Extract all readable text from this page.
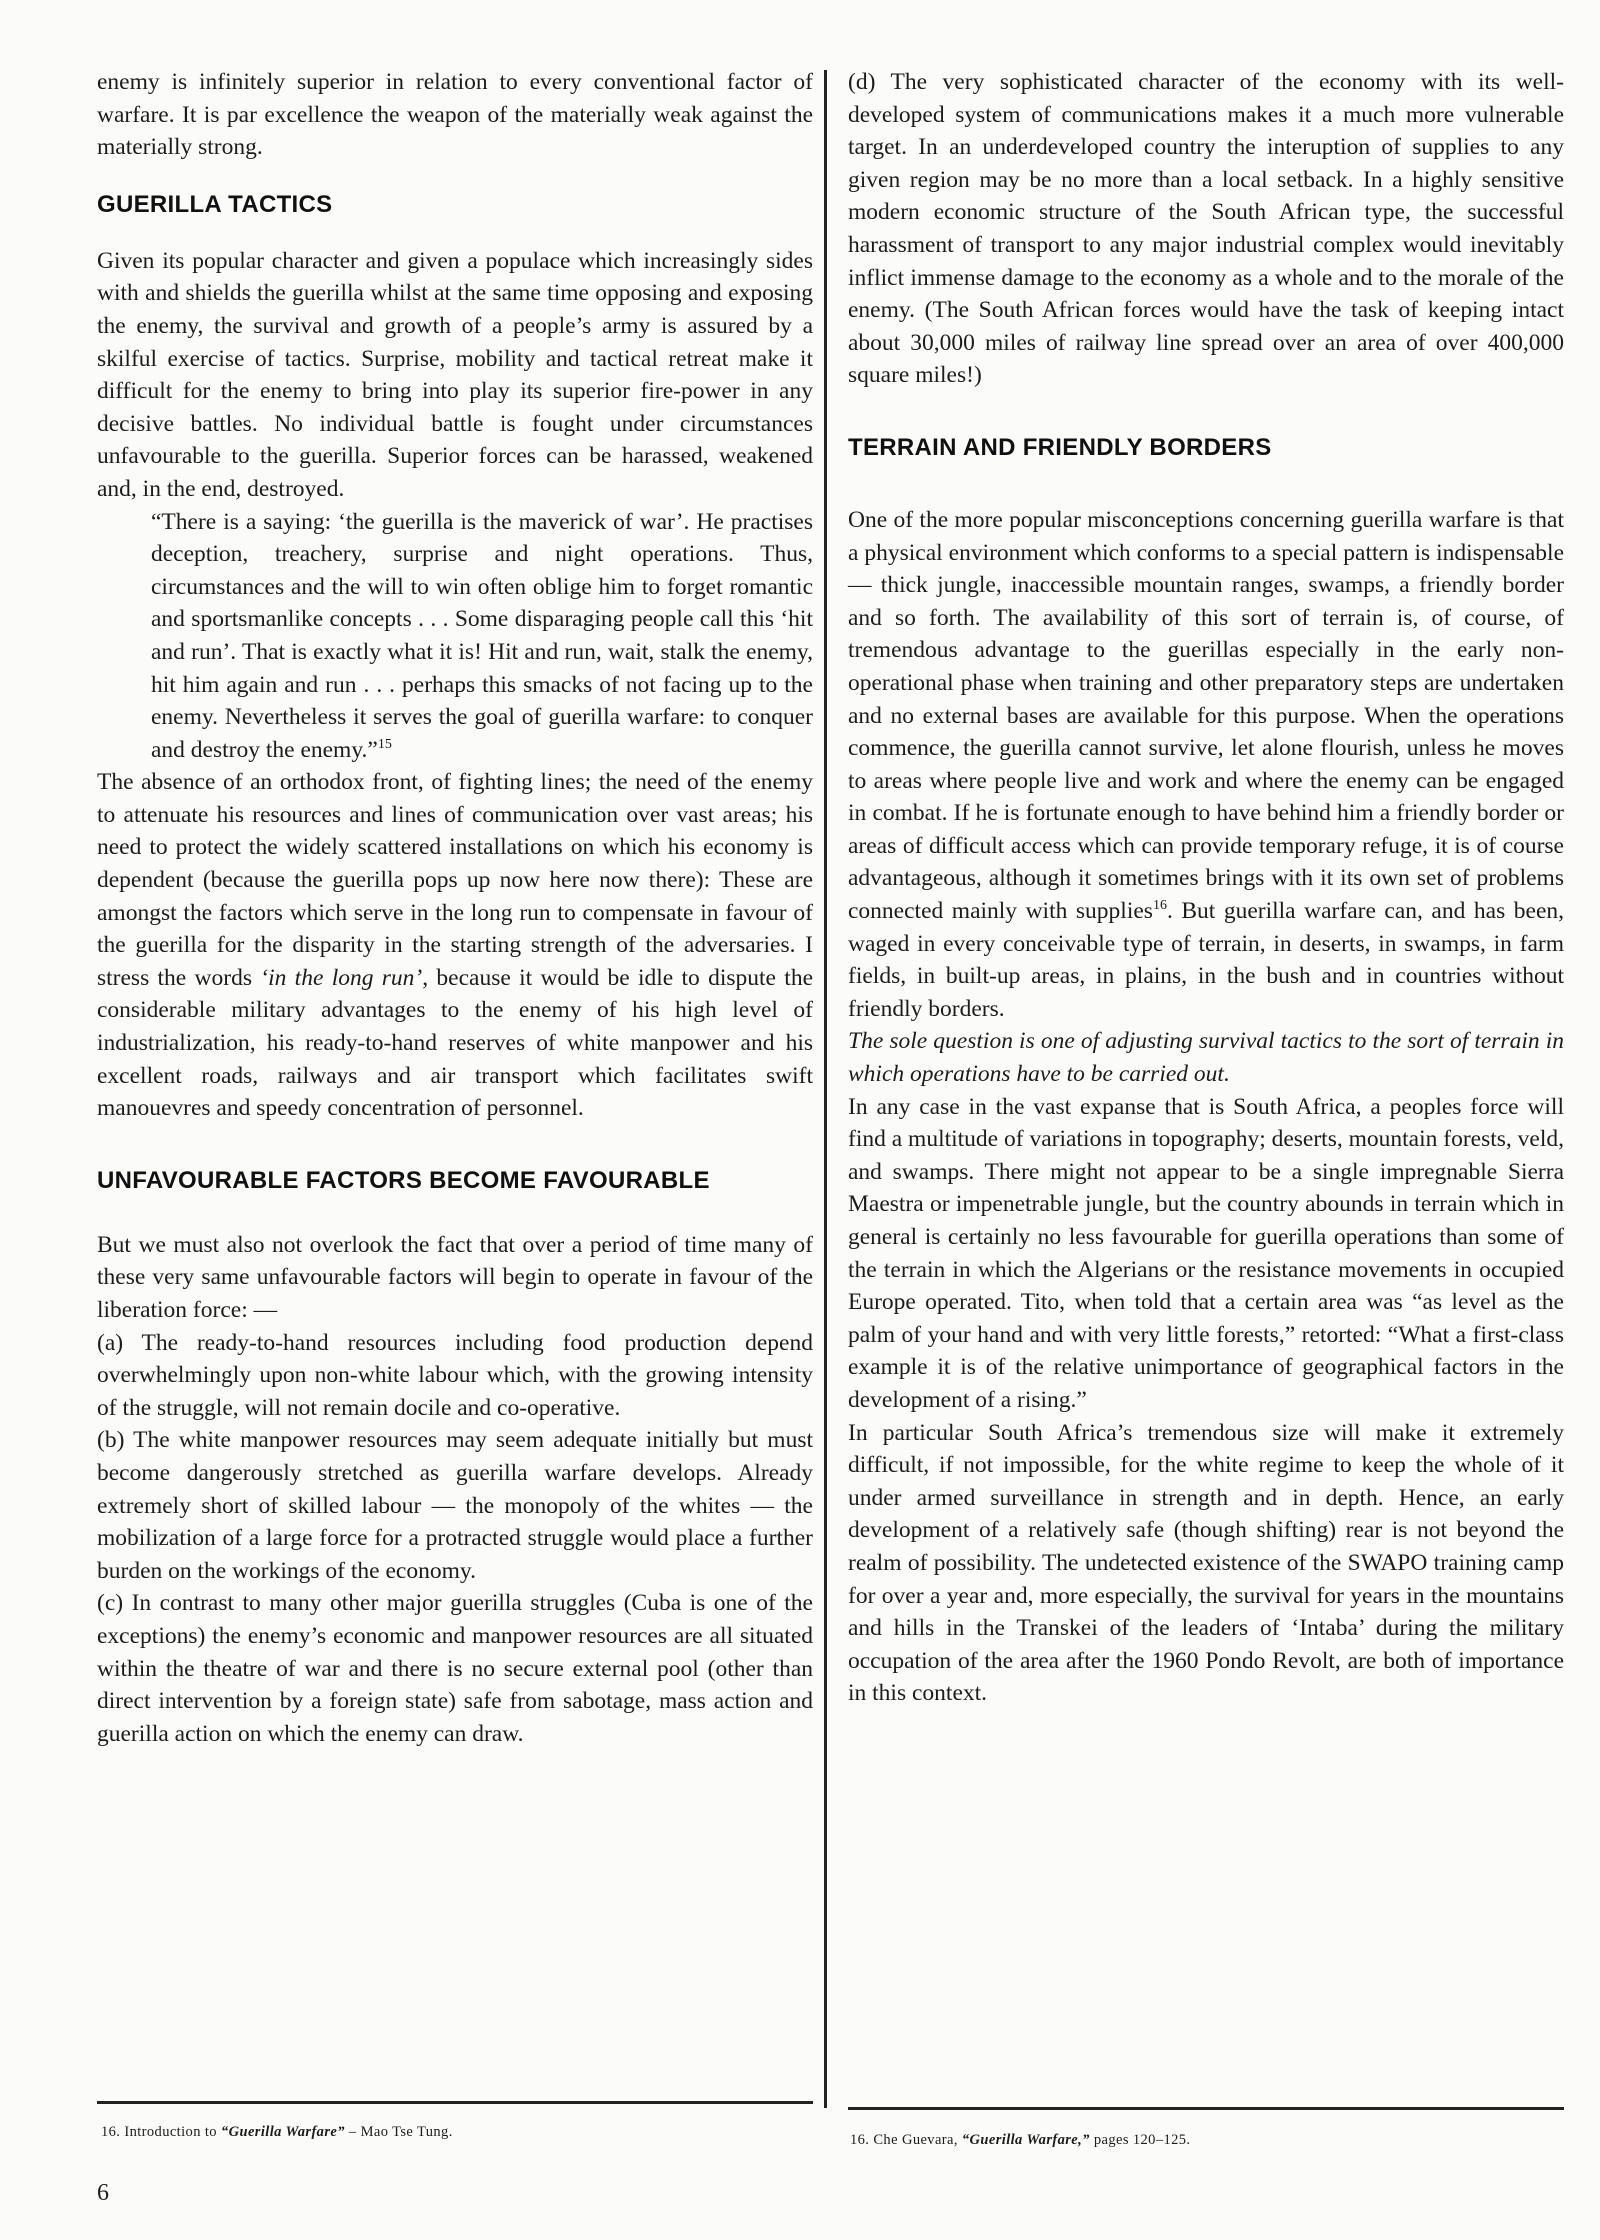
enemy is infinitely superior in relation to every conventional factor of warfare. It is par excellence the weapon of the materially weak against the materially strong.

GUERILLA TACTICS

Given its popular character and given a populace which increasingly sides with and shields the guerilla whilst at the same time opposing and exposing the enemy, the survival and growth of a people’s army is assured by a skilful exercise of tactics. Surprise, mobility and tactical retreat make it difficult for the enemy to bring into play its superior fire-power in any decisive battles. No individual battle is fought under circumstances unfavourable to the guerilla. Superior forces can be harassed, weakened and, in the end, destroyed.

“There is a saying: ‘the guerilla is the maverick of war’. He practises deception, treachery, surprise and night operations. Thus, circumstances and the will to win often oblige him to forget romantic and sportsmanlike concepts . . . Some disparaging people call this ‘hit and run’. That is exactly what it is! Hit and run, wait, stalk the enemy, hit him again and run . . . perhaps this smacks of not facing up to the enemy. Nevertheless it serves the goal of guerilla warfare: to conquer and destroy the enemy.”$^{15}$

The absence of an orthodox front, of fighting lines; the need of the enemy to attenuate his resources and lines of communication over vast areas; his need to protect the widely scattered installations on which his economy is dependent (because the guerilla pops up now here now there): These are amongst the factors which serve in the long run to compensate in favour of the guerilla for the disparity in the starting strength of the adversaries. I stress the words ‘in the long run’, because it would be idle to dispute the considerable military advantages to the enemy of his high level of industrialization, his ready-to-hand reserves of white manpower and his excellent roads, railways and air transport which facilitates swift manouevres and speedy concentration of personnel.

UNFAVOURABLE FACTORS BECOME FAVOURABLE

But we must also not overlook the fact that over a period of time many of these very same unfavourable factors will begin to operate in favour of the liberation force: —

(a) The ready-to-hand resources including food production depend overwhelmingly upon non-white labour which, with the growing intensity of the struggle, will not remain docile and co-operative.

(b) The white manpower resources may seem adequate initially but must become dangerously stretched as guerilla warfare develops. Already extremely short of skilled labour — the monopoly of the whites — the mobilization of a large force for a protracted struggle would place a further burden on the workings of the economy.

(c) In contrast to many other major guerilla struggles (Cuba is one of the exceptions) the enemy’s economic and manpower resources are all situated within the theatre of war and there is no secure external pool (other than direct intervention by a foreign state) safe from sabotage, mass action and guerilla action on which the enemy can draw.

(d) The very sophisticated character of the economy with its well-developed system of communications makes it a much more vulnerable target. In an underdeveloped country the interuption of supplies to any given region may be no more than a local setback. In a highly sensitive modern economic structure of the South African type, the successful harassment of transport to any major industrial complex would inevitably inflict immense damage to the economy as a whole and to the morale of the enemy. (The South African forces would have the task of keeping intact about 30,000 miles of railway line spread over an area of over 400,000 square miles!)

TERRAIN AND FRIENDLY BORDERS

One of the more popular misconceptions concerning guerilla warfare is that a physical environment which conforms to a special pattern is indispensable — thick jungle, inaccessible mountain ranges, swamps, a friendly border and so forth. The availability of this sort of terrain is, of course, of tremendous advantage to the guerillas especially in the early non-operational phase when training and other preparatory steps are undertaken and no external bases are available for this purpose. When the operations commence, the guerilla cannot survive, let alone flourish, unless he moves to areas where people live and work and where the enemy can be engaged in combat. If he is fortunate enough to have behind him a friendly border or areas of difficult access which can provide temporary refuge, it is of course advantageous, although it sometimes brings with it its own set of problems connected mainly with supplies$^{16}$. But guerilla warfare can, and has been, waged in every conceivable type of terrain, in deserts, in swamps, in farm fields, in built-up areas, in plains, in the bush and in countries without friendly borders.

The sole question is one of adjusting survival tactics to the sort of terrain in which operations have to be carried out.

In any case in the vast expanse that is South Africa, a peoples force will find a multitude of variations in topography; deserts, mountain forests, veld, and swamps. There might not appear to be a single impregnable Sierra Maestra or impenetrable jungle, but the country abounds in terrain which in general is certainly no less favourable for guerilla operations than some of the terrain in which the Algerians or the resistance movements in occupied Europe operated. Tito, when told that a certain area was “as level as the palm of your hand and with very little forests,” retorted: “What a first-class example it is of the relative unimportance of geographical factors in the development of a rising.”

In particular South Africa’s tremendous size will make it extremely difficult, if not impossible, for the white regime to keep the whole of it under armed surveillance in strength and in depth. Hence, an early development of a relatively safe (though shifting) rear is not beyond the realm of possibility. The undetected existence of the SWAPO training camp for over a year and, more especially, the survival for years in the mountains and hills in the Transkei of the leaders of ‘Intaba’ during the military occupation of the area after the 1960 Pondo Revolt, are both of importance in this context.

16. Introduction to “Guerilla Warfare” – Mao Tse Tung.	16. Che Guevara, “Guerilla Warfare,” pages 120–125.
6
